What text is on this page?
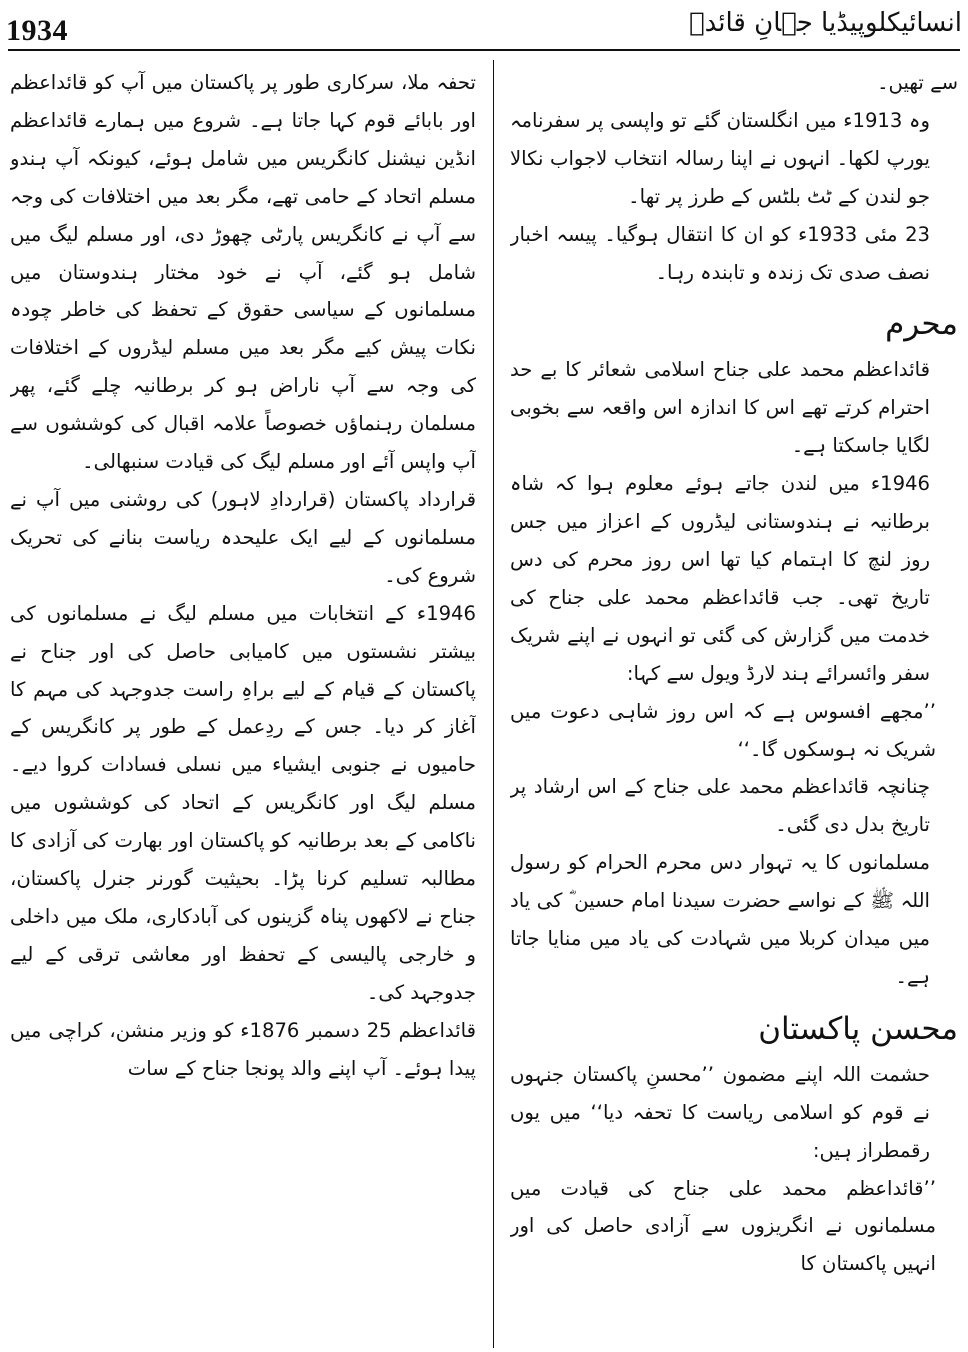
1934	انسائیکلوپیڈیا جہانِ قائدؒ

سے تھیں۔

وہ 1913ء میں انگلستان گئے تو واپسی پر سفرنامہ یورپ لکھا۔ انہوں نے اپنا رسالہ انتخاب لاجواب نکالا جو لندن کے ٹٹ بلٹس کے طرز پر تھا۔

23 مئی 1933ء کو ان کا انتقال ہوگیا۔ پیسہ اخبار نصف صدی تک زندہ و تابندہ رہا۔

محرم

قائداعظم محمد علی جناح اسلامی شعائر کا بے حد احترام کرتے تھے اس کا اندازہ اس واقعہ سے بخوبی لگایا جاسکتا ہے۔

1946ء میں لندن جاتے ہوئے معلوم ہوا کہ شاہ برطانیہ نے ہندوستانی لیڈروں کے اعزاز میں جس روز لنچ کا اہتمام کیا تھا اس روز محرم کی دس تاریخ تھی۔ جب قائداعظم محمد علی جناح کی خدمت میں گزارش کی گئی تو انہوں نے اپنے شریک سفر وائسرائے ہند لارڈ ویول سے کہا:

’’مجھے افسوس ہے کہ اس روز شاہی دعوت میں شریک نہ ہوسکوں گا۔‘‘

چنانچہ قائداعظم محمد علی جناح کے اس ارشاد پر تاریخ بدل دی گئی۔

مسلمانوں کا یہ تہوار دس محرم الحرام کو رسول اللہ ﷺ کے نواسے حضرت سیدنا امام حسین ؓ کی یاد میں میدان کربلا میں شہادت کی یاد میں منایا جاتا ہے۔

محسن پاکستان

حشمت اللہ اپنے مضمون ’’محسنِ پاکستان جنہوں نے قوم کو اسلامی ریاست کا تحفہ دیا‘‘ میں یوں رقمطراز ہیں:

’’قائداعظم محمد علی جناح کی قیادت میں مسلمانوں نے انگریزوں سے آزادی حاصل کی اور انہیں پاکستان کا

تحفہ ملا، سرکاری طور پر پاکستان میں آپ کو قائداعظم اور بابائے قوم کہا جاتا ہے۔ شروع میں ہمارے قائداعظم انڈین نیشنل کانگریس میں شامل ہوئے، کیونکہ آپ ہندو مسلم اتحاد کے حامی تھے، مگر بعد میں اختلافات کی وجہ سے آپ نے کانگریس پارٹی چھوڑ دی، اور مسلم لیگ میں شامل ہو گئے، آپ نے خود مختار ہندوستان میں مسلمانوں کے سیاسی حقوق کے تحفظ کی خاطر چودہ نکات پیش کیے مگر بعد میں مسلم لیڈروں کے اختلافات کی وجہ سے آپ ناراض ہو کر برطانیہ چلے گئے، پھر مسلمان رہنماؤں خصوصاً علامہ اقبال کی کوششوں سے آپ واپس آئے اور مسلم لیگ کی قیادت سنبھالی۔

قرارداد پاکستان (قراردادِ لاہور) کی روشنی میں آپ نے مسلمانوں کے لیے ایک علیحدہ ریاست بنانے کی تحریک شروع کی۔

1946ء کے انتخابات میں مسلم لیگ نے مسلمانوں کی بیشتر نشستوں میں کامیابی حاصل کی اور جناح نے پاکستان کے قیام کے لیے براہِ راست جدوجہد کی مہم کا آغاز کر دیا۔ جس کے ردِعمل کے طور پر کانگریس کے حامیوں نے جنوبی ایشیاء میں نسلی فسادات کروا دیے۔ مسلم لیگ اور کانگریس کے اتحاد کی کوششوں میں ناکامی کے بعد برطانیہ کو پاکستان اور بھارت کی آزادی کا مطالبہ تسلیم کرنا پڑا۔ بحیثیت گورنر جنرل پاکستان، جناح نے لاکھوں پناہ گزینوں کی آبادکاری، ملک میں داخلی و خارجی پالیسی کے تحفظ اور معاشی ترقی کے لیے جدوجہد کی۔

قائداعظم 25 دسمبر 1876ء کو وزیر منشن، کراچی میں پیدا ہوئے۔ آپ اپنے والد پونجا جناح کے سات
